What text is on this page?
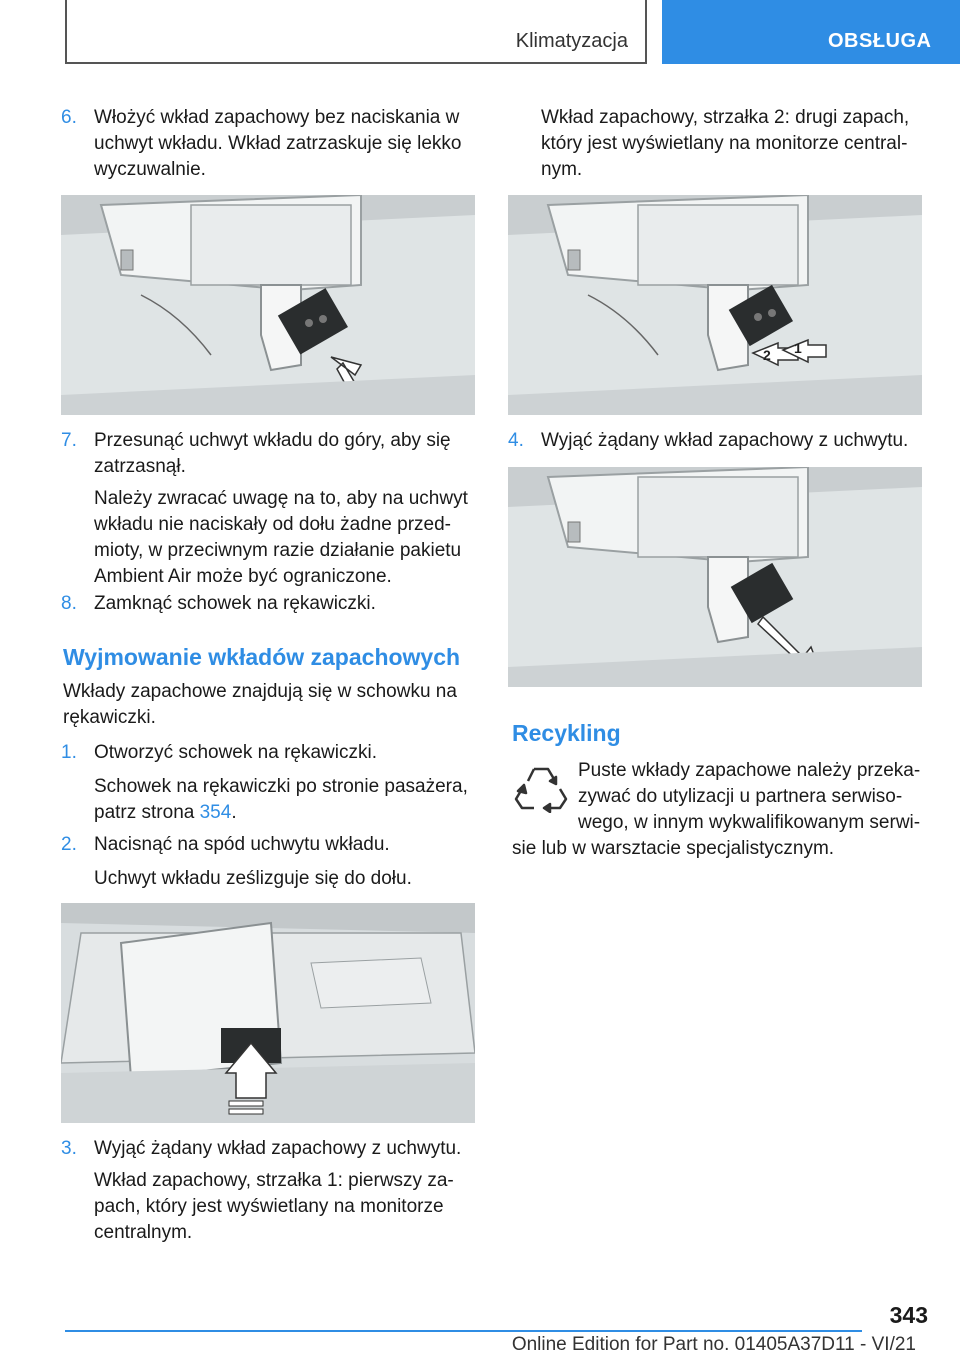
Klimatyzacja	OBSŁUGA
6. Włożyć wkład zapachowy bez naciskania w
uchwyt wkładu. Wkład zatrzaskuje się lekko
wyczuwalnie.
7. Przesunąć uchwyt wkładu do góry, aby się
zatrzasnął.
Należy zwracać uwagę na to, aby na uchwyt
wkładu nie naciskały od dołu żadne przed-
mioty, w przeciwnym razie działanie pakietu
Ambient Air może być ograniczone.
8. Zamknąć schowek na rękawiczki.
Wyjmowanie wkładów zapachowych
Wkłady zapachowe znajdują się w schowku na
rękawiczki.
1. Otworzyć schowek na rękawiczki.
Schowek na rękawiczki po stronie pasażera,
patrz strona 354.
2. Nacisnąć na spód uchwytu wkładu.
Uchwyt wkładu ześlizguje się do dołu.
3. Wyjąć żądany wkład zapachowy z uchwytu.
Wkład zapachowy, strzałka 1: pierwszy za-
pach, który jest wyświetlany na monitorze
centralnym.
Wkład zapachowy, strzałka 2: drugi zapach,
który jest wyświetlany na monitorze central-
nym.
2 1
4. Wyjąć żądany wkład zapachowy z uchwytu.
Recykling
Puste wkłady zapachowe należy przeka-
zywać do utylizacji u partnera serwiso-
wego, w innym wykwalifikowanym serwi-
sie lub w warsztacie specjalistycznym.
343
Online Edition for Part no. 01405A37D11 - VI/21
